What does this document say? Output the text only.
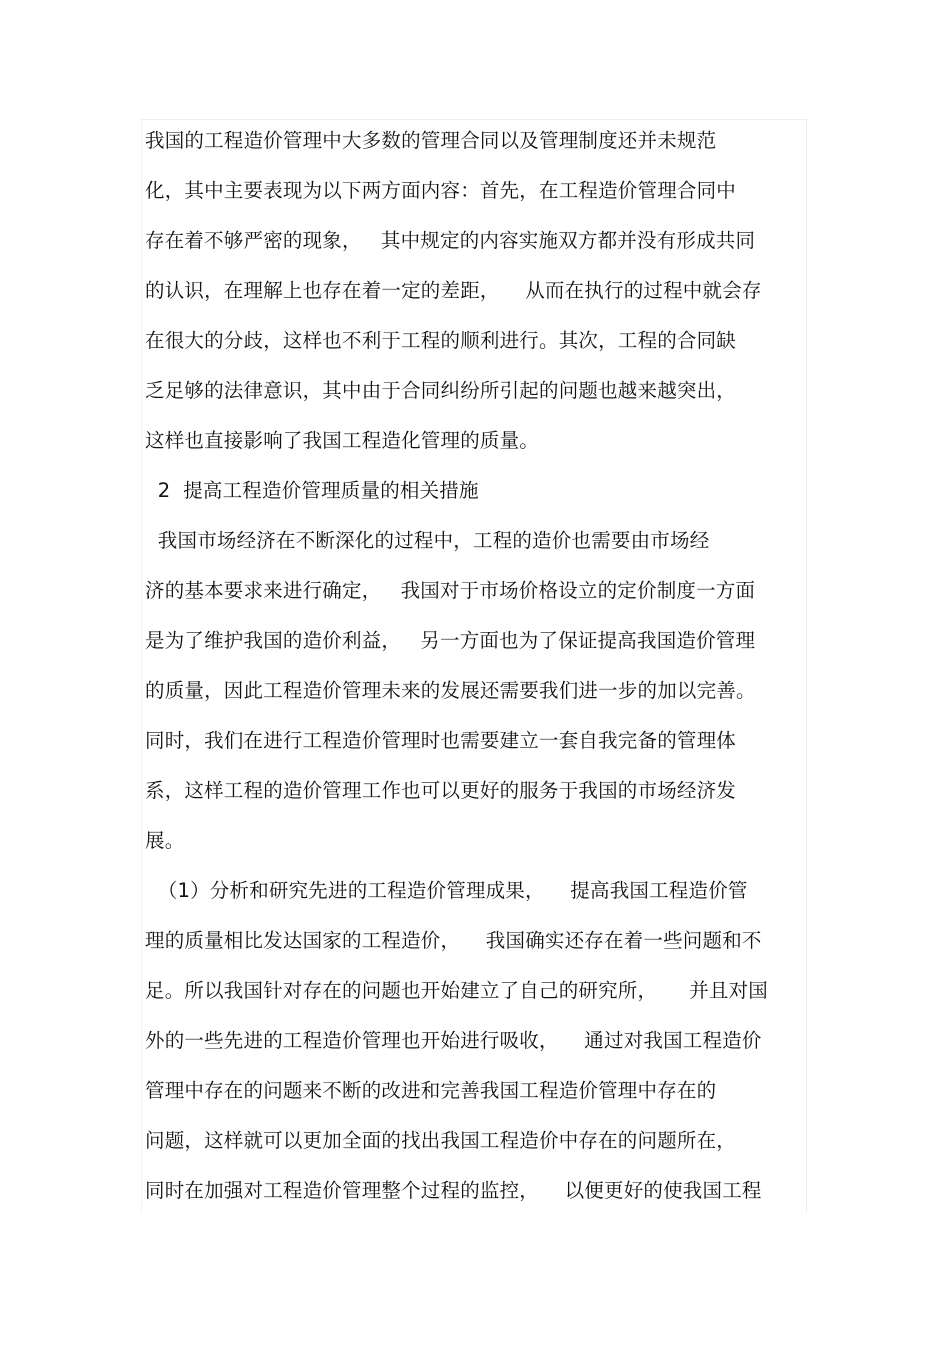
我国的工程造价管理中大多数的管理合同以及管理制度还并未规范
化，其中主要表现为以下两方面内容：首先，在工程造价管理合同中
存在着不够严密的现象，   其中规定的内容实施双方都并没有形成共同
的认识，在理解上也存在着一定的差距，    从而在执行的过程中就会存
在很大的分歧，这样也不利于工程的顺利进行。其次，工程的合同缺
乏足够的法律意识，其中由于合同纠纷所引起的问题也越来越突出，
这样也直接影响了我国工程造化管理的质量。
2  提高工程造价管理质量的相关措施
我国市场经济在不断深化的过程中，工程的造价也需要由市场经
济的基本要求来进行确定，   我国对于市场价格设立的定价制度一方面
是为了维护我国的造价利益，   另一方面也为了保证提高我国造价管理
的质量，因此工程造价管理未来的发展还需要我们进一步的加以完善。
同时，我们在进行工程造价管理时也需要建立一套自我完备的管理体
系，这样工程的造价管理工作也可以更好的服务于我国的市场经济发
展。
（1）分析和研究先进的工程造价管理成果，    提高我国工程造价管
理的质量相比发达国家的工程造价，    我国确实还存在着一些问题和不
足。所以我国针对存在的问题也开始建立了自己的研究所，     并且对国
外的一些先进的工程造价管理也开始进行吸收，    通过对我国工程造价
管理中存在的问题来不断的改进和完善我国工程造价管理中存在的
问题，这样就可以更加全面的找出我国工程造价中存在的问题所在，
同时在加强对工程造价管理整个过程的监控，    以便更好的使我国工程
